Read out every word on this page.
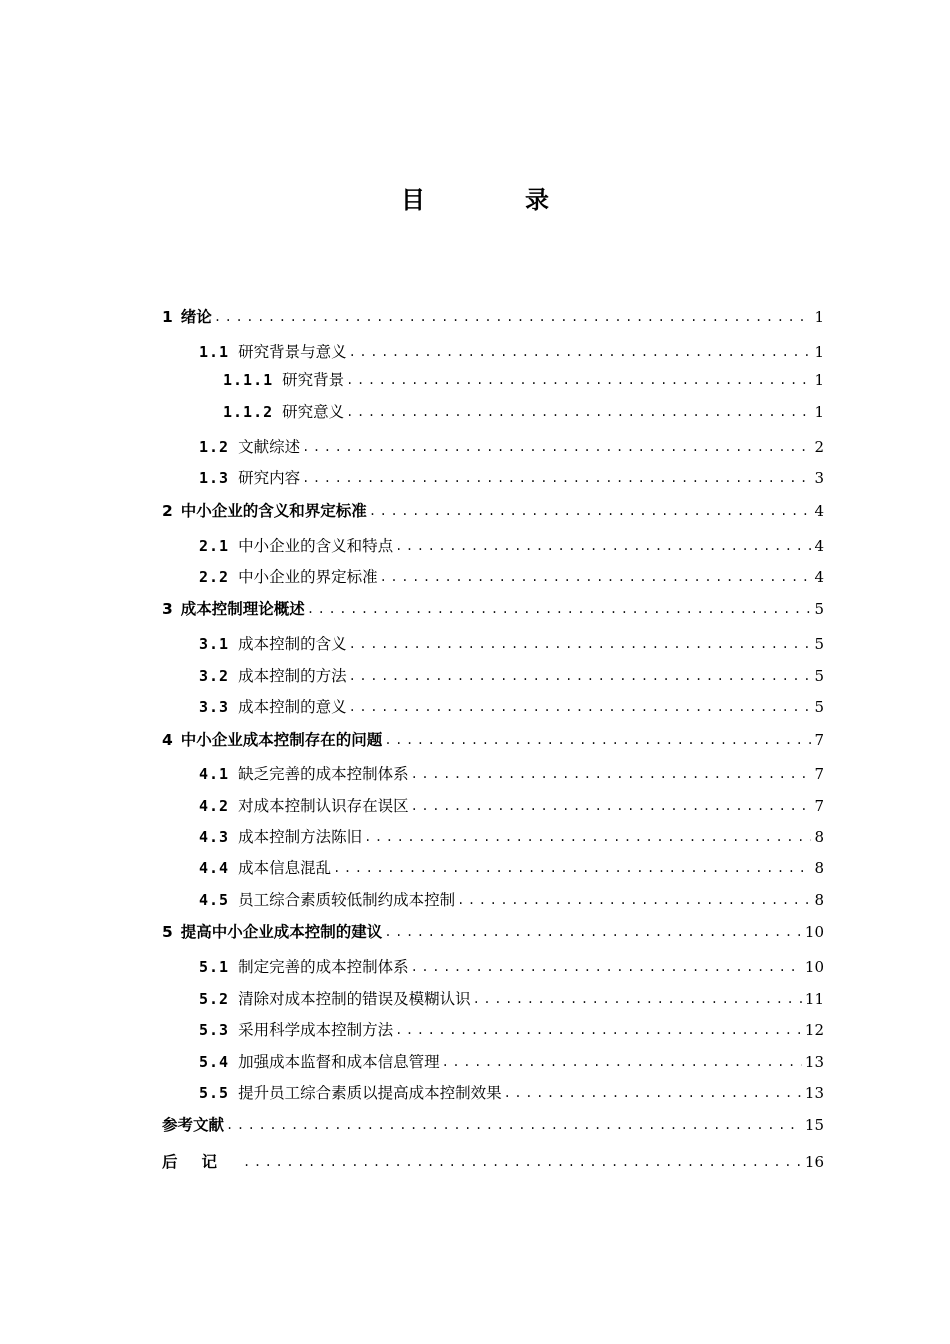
目　录
1 绪论 .....	1
1.1 研究背景与意义 .....	1
1.1.1 研究背景 .....	1
1.1.2 研究意义 .....	1
1.2 文献综述 .....	2
1.3 研究内容 .....	3
2 中小企业的含义和界定标准 .....	4
2.1 中小企业的含义和特点 .....	4
2.2 中小企业的界定标准 .....	4
3 成本控制理论概述 .....	5
3.1 成本控制的含义 .....	5
3.2 成本控制的方法 .....	5
3.3 成本控制的意义 .....	5
4 中小企业成本控制存在的问题 .....	7
4.1 缺乏完善的成本控制体系 .....	7
4.2 对成本控制认识存在误区 .....	7
4.3 成本控制方法陈旧 .....	8
4.4 成本信息混乱 .....	8
4.5 员工综合素质较低制约成本控制 .....	8
5 提高中小企业成本控制的建议 .....	10
5.1 制定完善的成本控制体系 .....	10
5.2 清除对成本控制的错误及模糊认识 .....	11
5.3 采用科学成本控制方法 .....	12
5.4 加强成本监督和成本信息管理 .....	13
5.5 提升员工综合素质以提高成本控制效果 .....	13
参考文献 .....	15
后记 .....	16
